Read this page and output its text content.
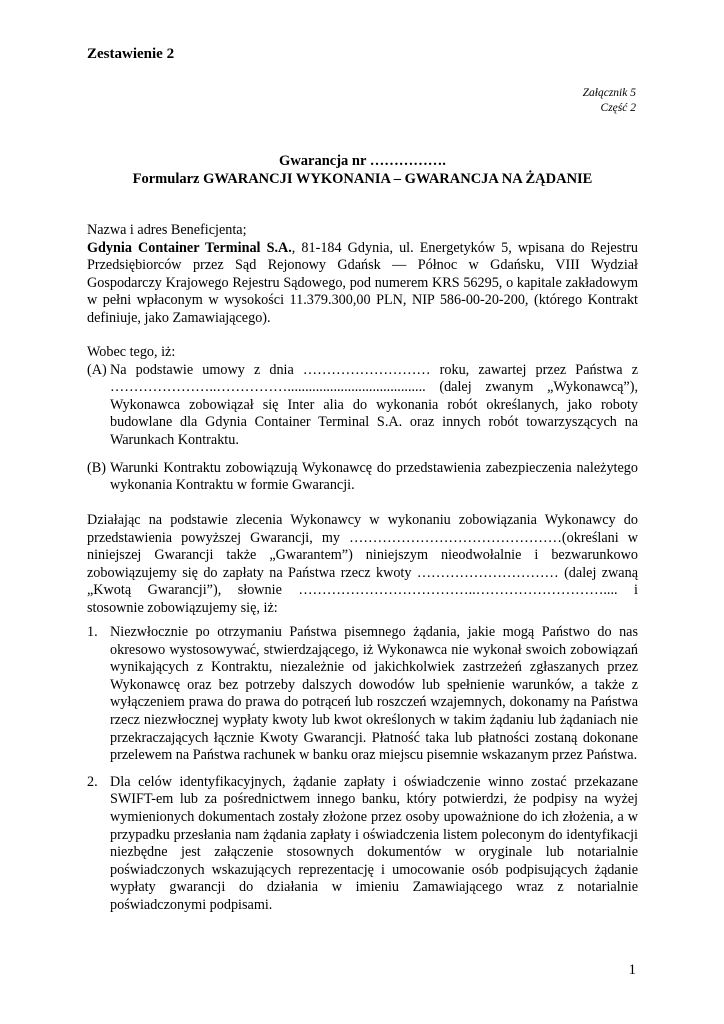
Zestawienie 2
Załącznik 5
Część 2
Gwarancja nr …………….
Formularz GWARANCJI WYKONANIA – GWARANCJA NA ŻĄDANIE
Nazwa i adres Beneficjenta;
Gdynia Container Terminal S.A., 81-184 Gdynia, ul. Energetyków 5, wpisana do Rejestru Przedsiębiorców przez Sąd Rejonowy Gdańsk — Północ w Gdańsku, VIII Wydział Gospodarczy Krajowego Rejestru Sądowego, pod numerem KRS 56295, o kapitale zakładowym w pełni wpłaconym w wysokości 11.379.300,00 PLN, NIP 586-00-20-200, (którego Kontrakt definiuje, jako Zamawiającego).
Wobec tego, iż:
(A) Na podstawie umowy z dnia ……………………… roku, zawartej przez Państwa z …………………..……………....................................... (dalej zwanym „Wykonawcą”), Wykonawca zobowiązał się Inter alia do wykonania robót określanych, jako roboty budowlane dla Gdynia Container Terminal S.A. oraz innych robót towarzyszących na Warunkach Kontraktu.
(B) Warunki Kontraktu zobowiązują Wykonawcę do przedstawienia zabezpieczenia należytego wykonania Kontraktu w formie Gwarancji.
Działając na podstawie zlecenia Wykonawcy w wykonaniu zobowiązania Wykonawcy do przedstawienia powyższej Gwarancji, my ………………………………………(określani w niniejszej Gwarancji także „Gwarantem”) niniejszym nieodwołalnie i bezwarunkowo zobowiązujemy się do zapłaty na Państwa rzecz kwoty ………………………… (dalej zwaną „Kwotą Gwarancji”), słownie ………………………………..……………………….... i stosownie zobowiązujemy się, iż:
1. Niezwłocznie po otrzymaniu Państwa pisemnego żądania, jakie mogą Państwo do nas okresowo wystosowywać, stwierdzającego, iż Wykonawca nie wykonał swoich zobowiązań wynikających z Kontraktu, niezależnie od jakichkolwiek zastrzeżeń zgłaszanych przez Wykonawcę oraz bez potrzeby dalszych dowodów lub spełnienie warunków, a także z wyłączeniem prawa do prawa do potrąceń lub roszczeń wzajemnych, dokonamy na Państwa rzecz niezwłocznej wypłaty kwoty lub kwot określonych w takim żądaniu lub żądaniach nie przekraczających łącznie Kwoty Gwarancji. Płatność taka lub płatności zostaną dokonane przelewem na Państwa rachunek w banku oraz miejscu pisemnie wskazanym przez Państwa.
2. Dla celów identyfikacyjnych, żądanie zapłaty i oświadczenie winno zostać przekazane SWIFT-em lub za pośrednictwem innego banku, który potwierdzi, że podpisy na wyżej wymienionych dokumentach zostały złożone przez osoby upoważnione do ich złożenia, a w przypadku przesłania nam żądania zapłaty i oświadczenia listem poleconym do identyfikacji niezbędne jest załączenie stosownych dokumentów w oryginale lub notarialnie poświadczonych wskazujących reprezentację i umocowanie osób podpisujących żądanie wypłaty gwarancji do działania w imieniu Zamawiającego wraz z notarialnie poświadczonymi podpisami.
1
